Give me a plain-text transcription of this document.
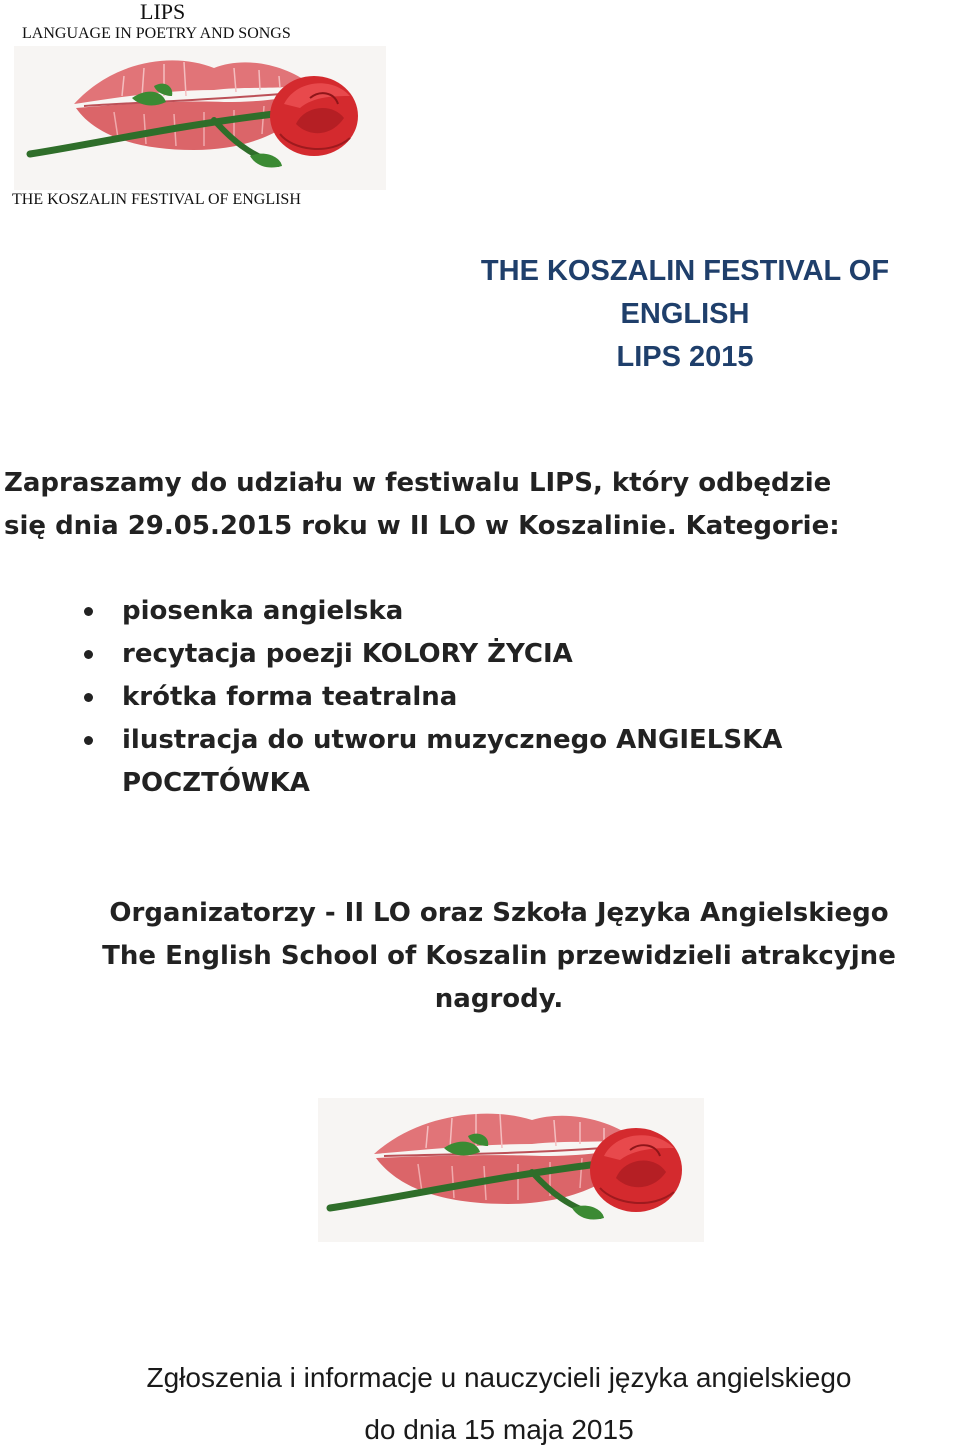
LIPS
LANGUAGE IN POETRY AND SONGS
THE KOSZALIN FESTIVAL OF ENGLISH
THE KOSZALIN FESTIVAL OF
ENGLISH
LIPS 2015
Zapraszamy do udziału w festiwalu LIPS, który odbędzie
się dnia 29.05.2015 roku w II LO w Koszalinie. Kategorie:
piosenka angielska
recytacja poezji KOLORY ŻYCIA
krótka forma teatralna
ilustracja do utworu muzycznego ANGIELSKA
POCZTÓWKA
Organizatorzy - II LO oraz Szkoła Języka Angielskiego
The English School of Koszalin przewidzieli atrakcyjne
nagrody.
Zgłoszenia i informacje u nauczycieli języka angielskiego
do dnia 15 maja 2015
